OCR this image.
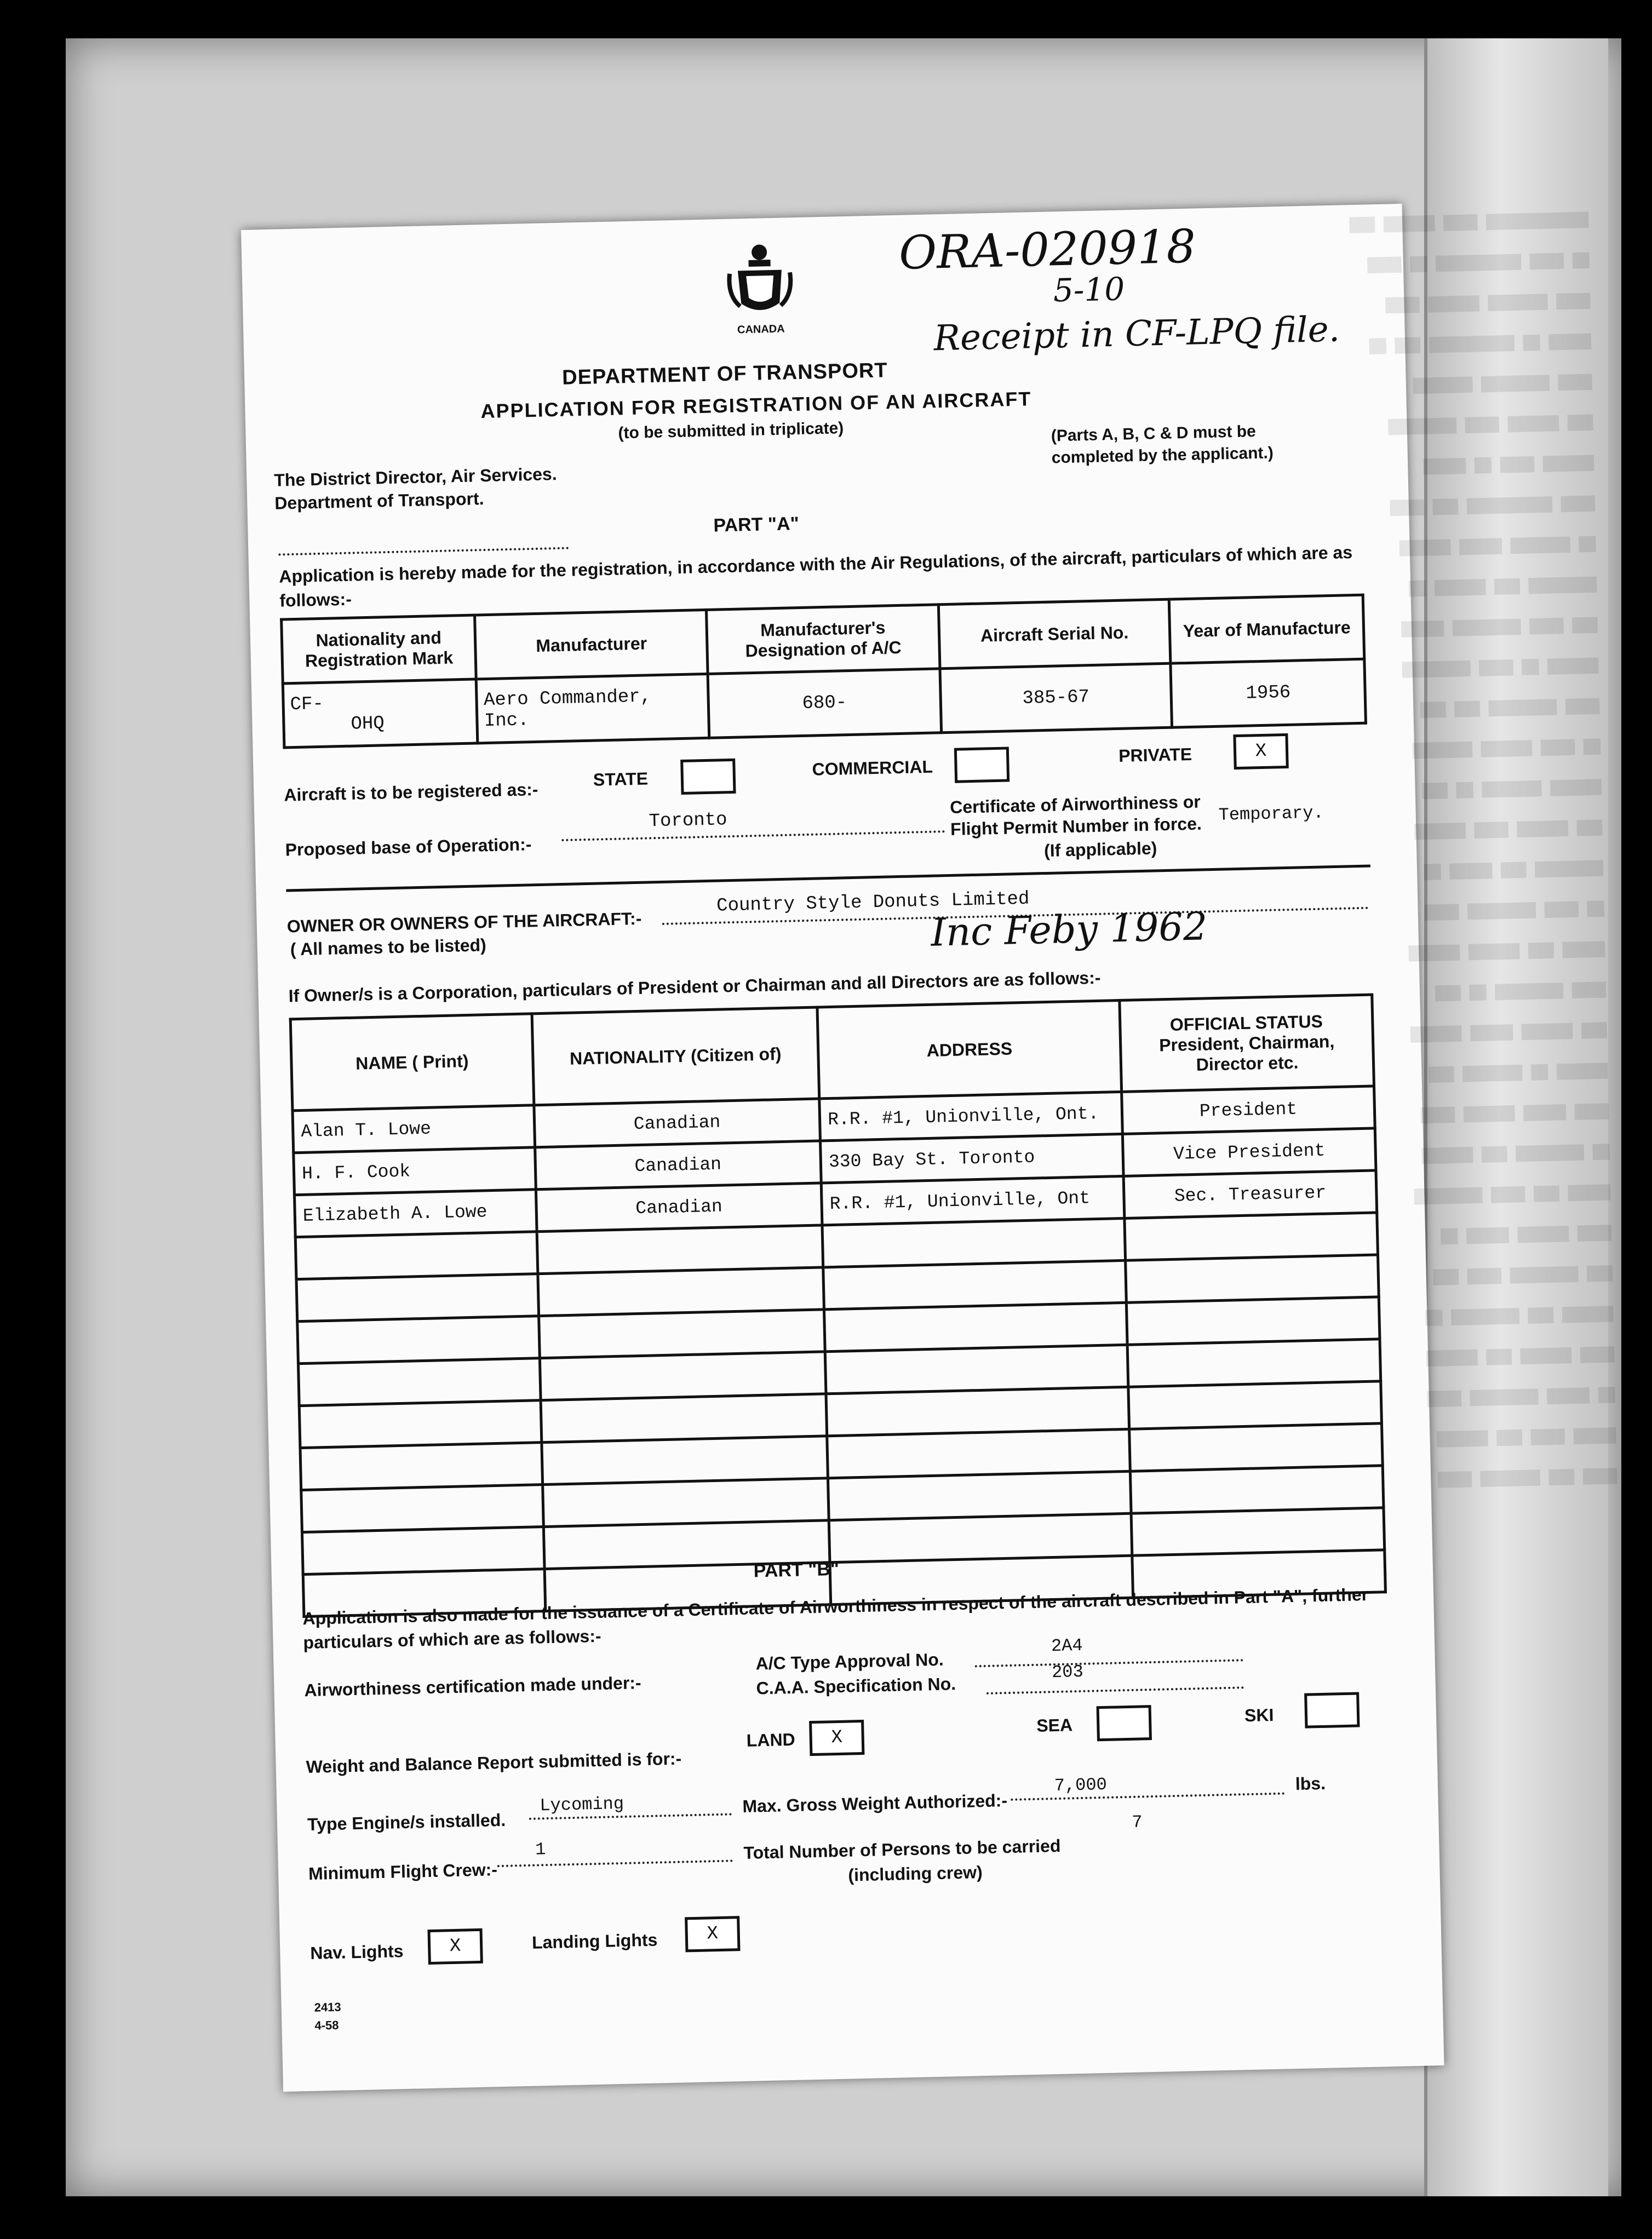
████████████ ████ ██████ ███
██ ████ ██████████ ██ ████
████ ███████ ██████ ████
█████ ██ ██████████ ███ ██
████ ████████ ███████
███ ██████ ████ ████████
██████ ████ ██ █████
████ ██████████ ███ ████
██ ███████ █████ ██████
████████ ███ ██████ ██
███ ████ ████████ █████
██████ ██ ████ ████████
████ ████████ ███ ███
██ ████ ██████ ███████
██████ ███████ ██ ███
███ ██████ ████ ██████
████████ ███ █████ ██
██ ████ ████████ ████
█████ ███ ██████ ██████
████ ████████ ██ ███
███ ██████ █████ ██████
██████ ██ ███████ ███
████ █████ ██████ ████
██ ████████ ███ ██████
█████ ███ ████ ████████
████ ██████ █████ ██
███ ████████ ████ ███
██████ ███ ████████ ██
████ ██████ ███ ██████
██ █████ ████████ ████
█████ ████ ███ ██████
████ ███ ███████ ████
CANADA
ORA-020918
5-10
Receipt in CF-LPQ file.
DEPARTMENT OF TRANSPORT
APPLICATION FOR REGISTRATION OF AN AIRCRAFT
(to be submitted in triplicate)	(Parts A, B, C & D must be completed by the applicant.)
The District Director, Air Services.
Department of Transport.
PART "A"
Application is hereby made for the registration, in accordance with the Air Regulations, of the aircraft, particulars of which are as follows:-
Nationality and Registration Mark	Manufacturer	Manufacturer's Designation of A/C	Aircraft Serial No.	Year of Manufacture

CF-
OHQ	Aero Commander, Inc.	680-	385-67	1956
Aircraft is to be registered as:-
STATE	COMMERCIAL
PRIVATE	X
Proposed base of Operation:-
Toronto
Certificate of Airworthiness or
Flight Permit Number in force. Temporary.
(If applicable)
OWNER OR OWNERS OF THE AIRCRAFT:-
( All names to be listed)
Country Style Donuts Limited
Inc Feby 1962
If Owner/s is a Corporation, particulars of President or Chairman and all Directors are as follows:-
NAME ( Print)	NATIONALITY (Citizen of)	ADDRESS	OFFICIAL STATUS President, Chairman, Director etc.
Alan T. Lowe	Canadian	R.R. #1, Unionville, Ont.	President
H. F. Cook	Canadian	330 Bay St. Toronto	Vice President
Elizabeth A. Lowe	Canadian	R.R. #1, Unionville, Ont	Sec. Treasurer

PART "B"
Application is also made for the issuance of a Certificate of Airworthiness in respect of the aircraft described in Part "A", further particulars of which are as follows:-
Airworthiness certification made under:-
A/C Type Approval No.
2A4
C.A.A. Specification No.
203
Weight and Balance Report submitted is for:-
LAND	X
SEA	SKI
Type Engine/s installed.
Lycoming	Max. Gross Weight Authorized:-
7,000	lbs.
Minimum Flight Crew:-
1	Total Number of Persons to be carried
7
(including crew)
Nav. Lights	X	Landing Lights	X
2413
4-58
